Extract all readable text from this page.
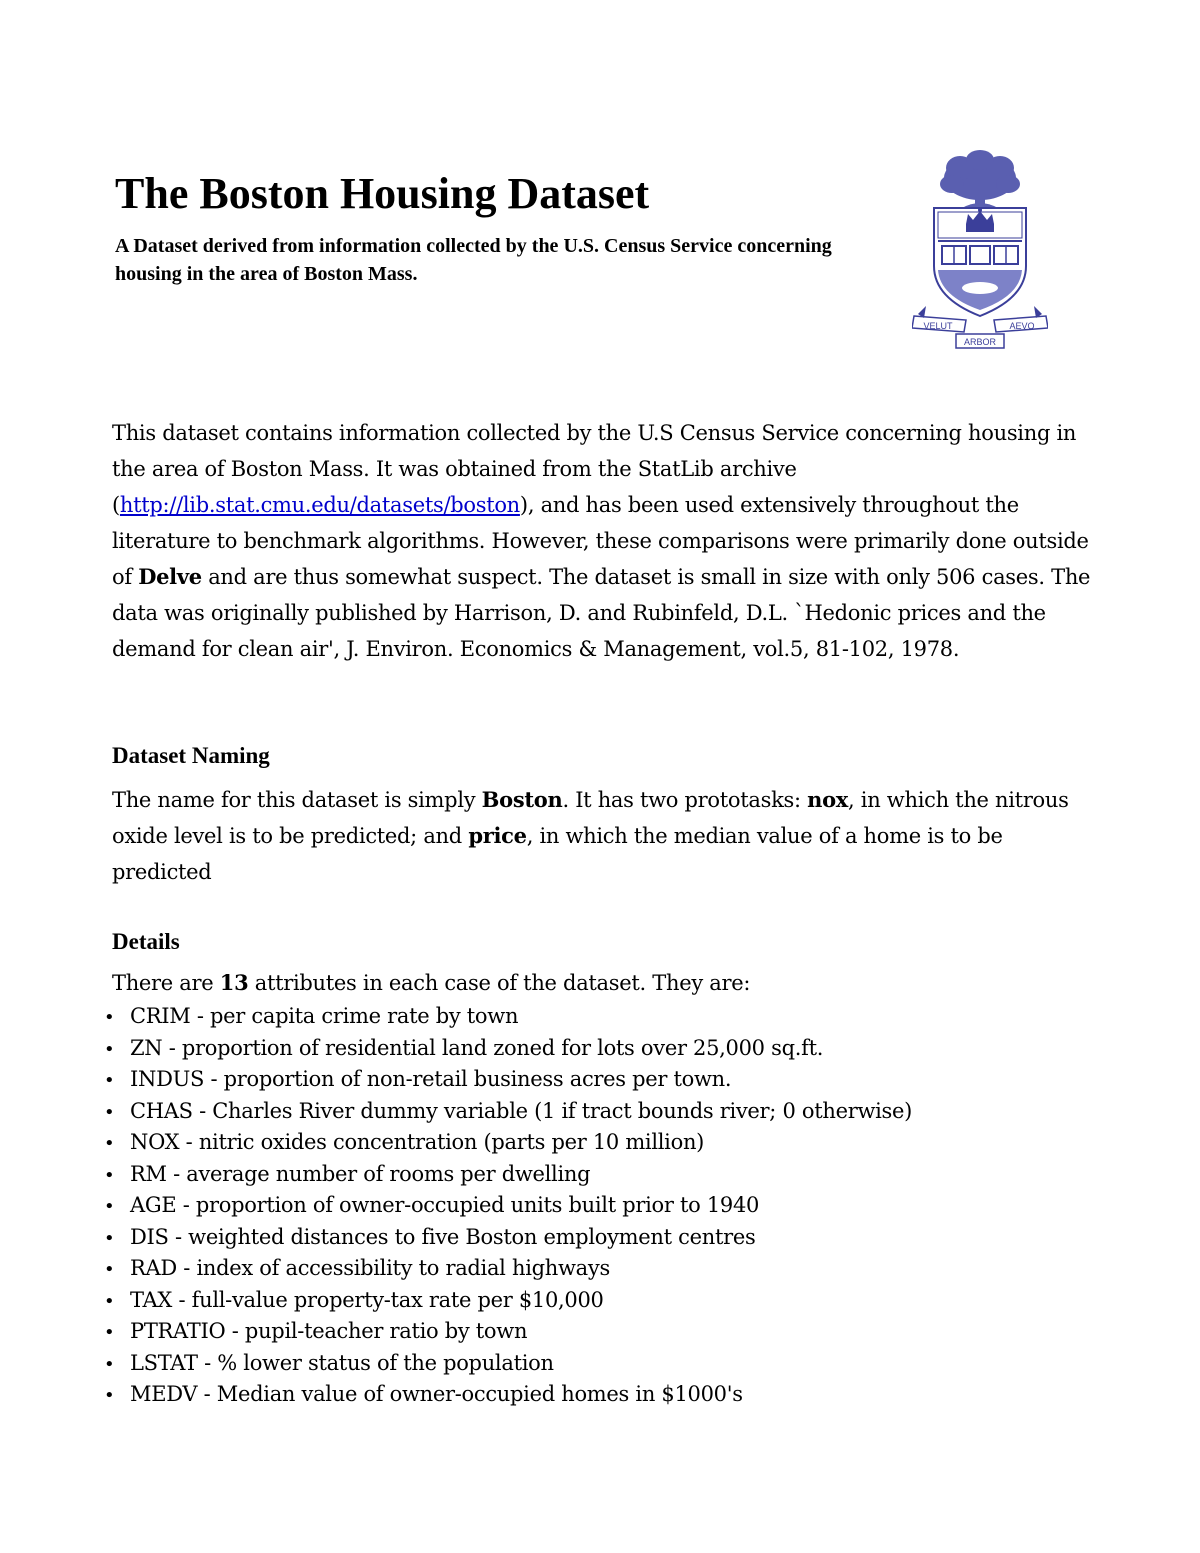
The Boston Housing Dataset

A Dataset derived from information collected by the U.S. Census Service concerning housing in the area of Boston Mass.

VELUT	AEVO
ARBOR

This dataset contains information collected by the U.S Census Service concerning housing in the area of Boston Mass. It was obtained from the StatLib archive (http://lib.stat.cmu.edu/datasets/boston), and has been used extensively throughout the literature to benchmark algorithms. However, these comparisons were primarily done outside of Delve and are thus somewhat suspect. The dataset is small in size with only 506 cases. The data was originally published by Harrison, D. and Rubinfeld, D.L. `Hedonic prices and the demand for clean air', J. Environ. Economics & Management, vol.5, 81-102, 1978.

Dataset Naming

The name for this dataset is simply Boston. It has two prototasks: nox, in which the nitrous oxide level is to be predicted; and price, in which the median value of a home is to be predicted

Details

There are 13 attributes in each case of the dataset. They are:

• CRIM - per capita crime rate by town
• ZN - proportion of residential land zoned for lots over 25,000 sq.ft.
• INDUS - proportion of non-retail business acres per town.
• CHAS - Charles River dummy variable (1 if tract bounds river; 0 otherwise)
• NOX - nitric oxides concentration (parts per 10 million)
• RM - average number of rooms per dwelling
• AGE - proportion of owner-occupied units built prior to 1940
• DIS - weighted distances to five Boston employment centres
• RAD - index of accessibility to radial highways
• TAX - full-value property-tax rate per $10,000
• PTRATIO - pupil-teacher ratio by town
• LSTAT - % lower status of the population
• MEDV - Median value of owner-occupied homes in $1000's
